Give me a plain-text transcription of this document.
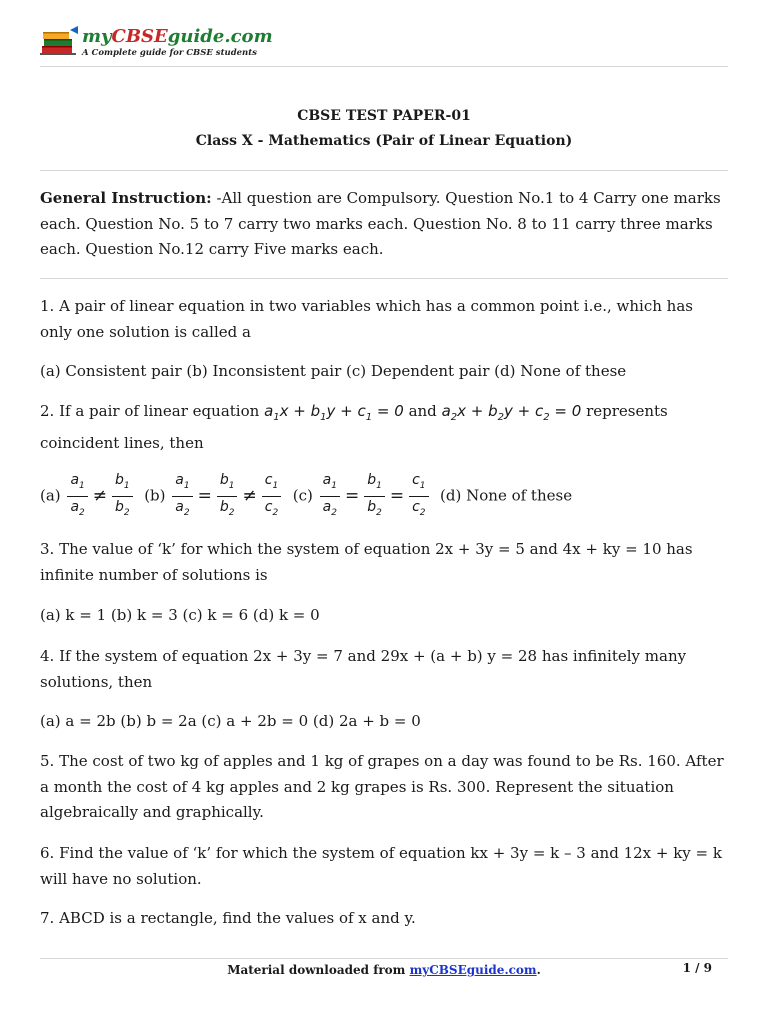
myCBSEguide.com
A Complete guide for CBSE students
CBSE TEST PAPER-01
Class X - Mathematics (Pair of Linear Equation)
General Instruction: -All question are Compulsory. Question No.1 to 4 Carry one marks each. Question No. 5 to 7 carry two marks each. Question No. 8 to 11 carry three marks each. Question No.12 carry Five marks each.
1. A pair of linear equation in two variables which has a common point i.e., which has only one solution is called a
(a) Consistent pair (b) Inconsistent pair (c) Dependent pair (d) None of these
2. If a pair of linear equation $a_1x + b_1y + c_1 = 0$ and $a_2x + b_2y + c_2 = 0$ represents coincident lines, then
$(a) \frac{a_1}{a_2} \ne \frac{b_1}{b_2} (b) \frac{a_1}{a_2} = \frac{b_1}{b_2} \ne \frac{c_1}{c_2} (c) \frac{a_1}{a_2} = \frac{b_1}{b_2} = \frac{c_1}{c_2} (d)$ None of these
3. The value of ‘k’ for which the system of equation 2x + 3y = 5 and 4x + ky = 10 has infinite number of solutions is
(a) k = 1 (b) k = 3 (c) k = 6 (d) k = 0
4. If the system of equation 2x + 3y = 7 and 29x + (a + b) y = 28 has infinitely many solutions, then
(a) a = 2b (b) b = 2a (c) a + 2b = 0 (d) 2a + b = 0
5. The cost of two kg of apples and 1 kg of grapes on a day was found to be Rs. 160. After a month the cost of 4 kg apples and 2 kg grapes is Rs. 300. Represent the situation algebraically and graphically.
6. Find the value of ‘k’ for which the system of equation kx + 3y = k – 3 and 12x + ky = k will have no solution.
7. ABCD is a rectangle, find the values of x and y.
Material downloaded from myCBSEguide.com.	1 / 9
